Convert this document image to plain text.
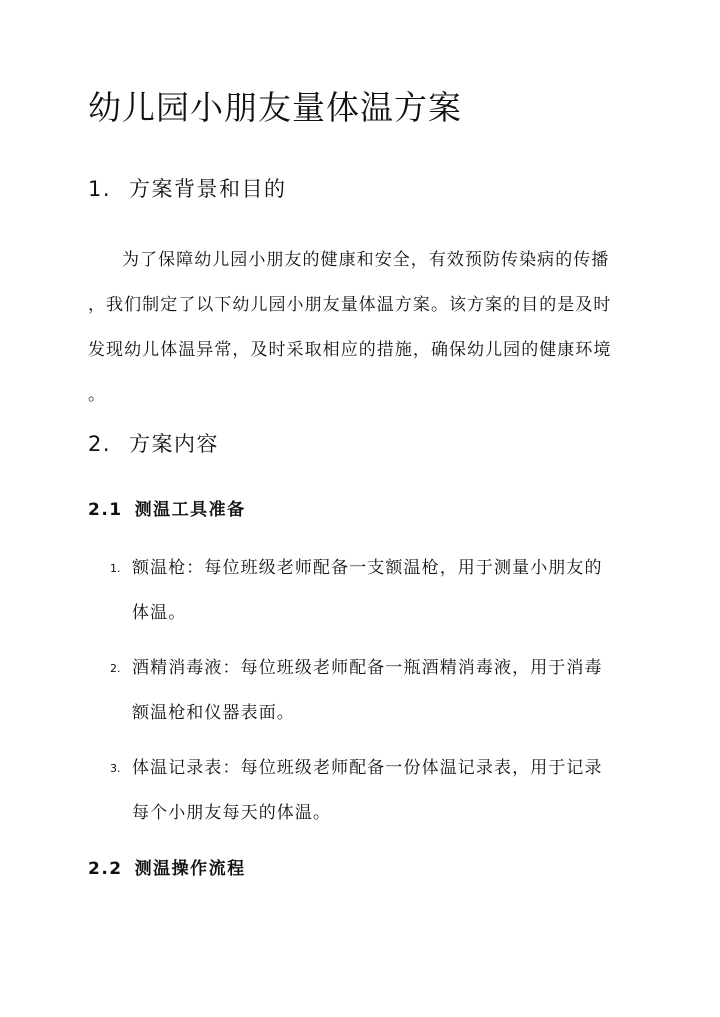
幼儿园小朋友量体温方案
1. 方案背景和目的

为了保障幼儿园小朋友的健康和安全，有效预防传染病的传播
，我们制定了以下幼儿园小朋友量体温方案。该方案的目的是及时
发现幼儿体温异常，及时采取相应的措施，确保幼儿园的健康环境
。

2. 方案内容
2.1 测温工具准备
1. 额温枪：每位班级老师配备一支额温枪，用于测量小朋友的
体温。
2. 酒精消毒液：每位班级老师配备一瓶酒精消毒液，用于消毒
额温枪和仪器表面。
3. 体温记录表：每位班级老师配备一份体温记录表，用于记录
每个小朋友每天的体温。
2.2 测温操作流程
